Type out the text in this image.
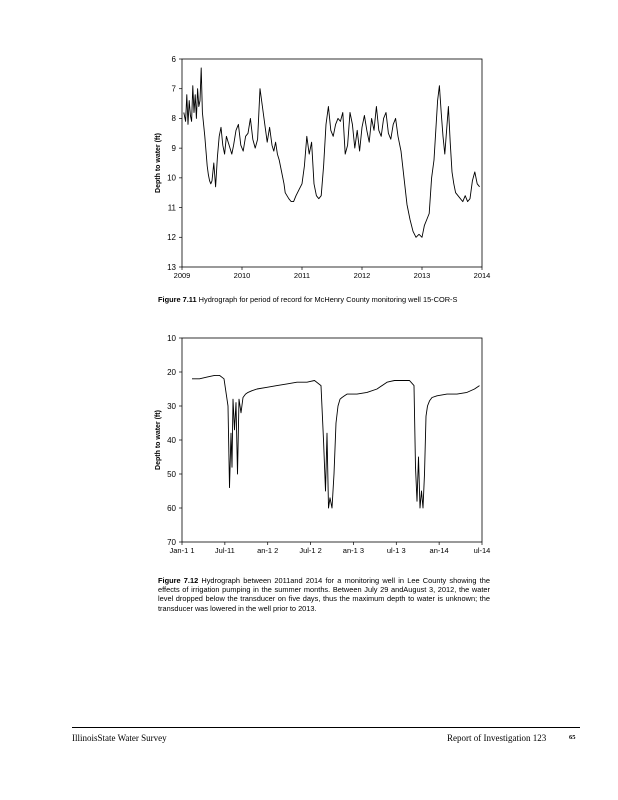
6
7
8
9
10
11
12
13
2009	2010	2011	2012	2013	2014
Depth to water (ft)
Figure 7.11 Hydrograph for period of record for McHenry County monitoring well 15-COR-S
10
20
30
40
50
60
70
Jan-1 1	Jul-11	an-1 2	Jul-1 2	an-1 3	ul-1 3	an-14	ul-14
Depth to water (ft)
Figure 7.12 Hydrograph between 2011and 2014 for a monitoring well in Lee County showing the effects of irrigation pumping in the summer months. Between July 29 andAugust 3, 2012, the water level dropped below the transducer on five days, thus the maximum depth to water is unknown; the transducer was lowered in the well prior to 2013.
IllinoisState Water Survey	Report of Investigation 123	65
